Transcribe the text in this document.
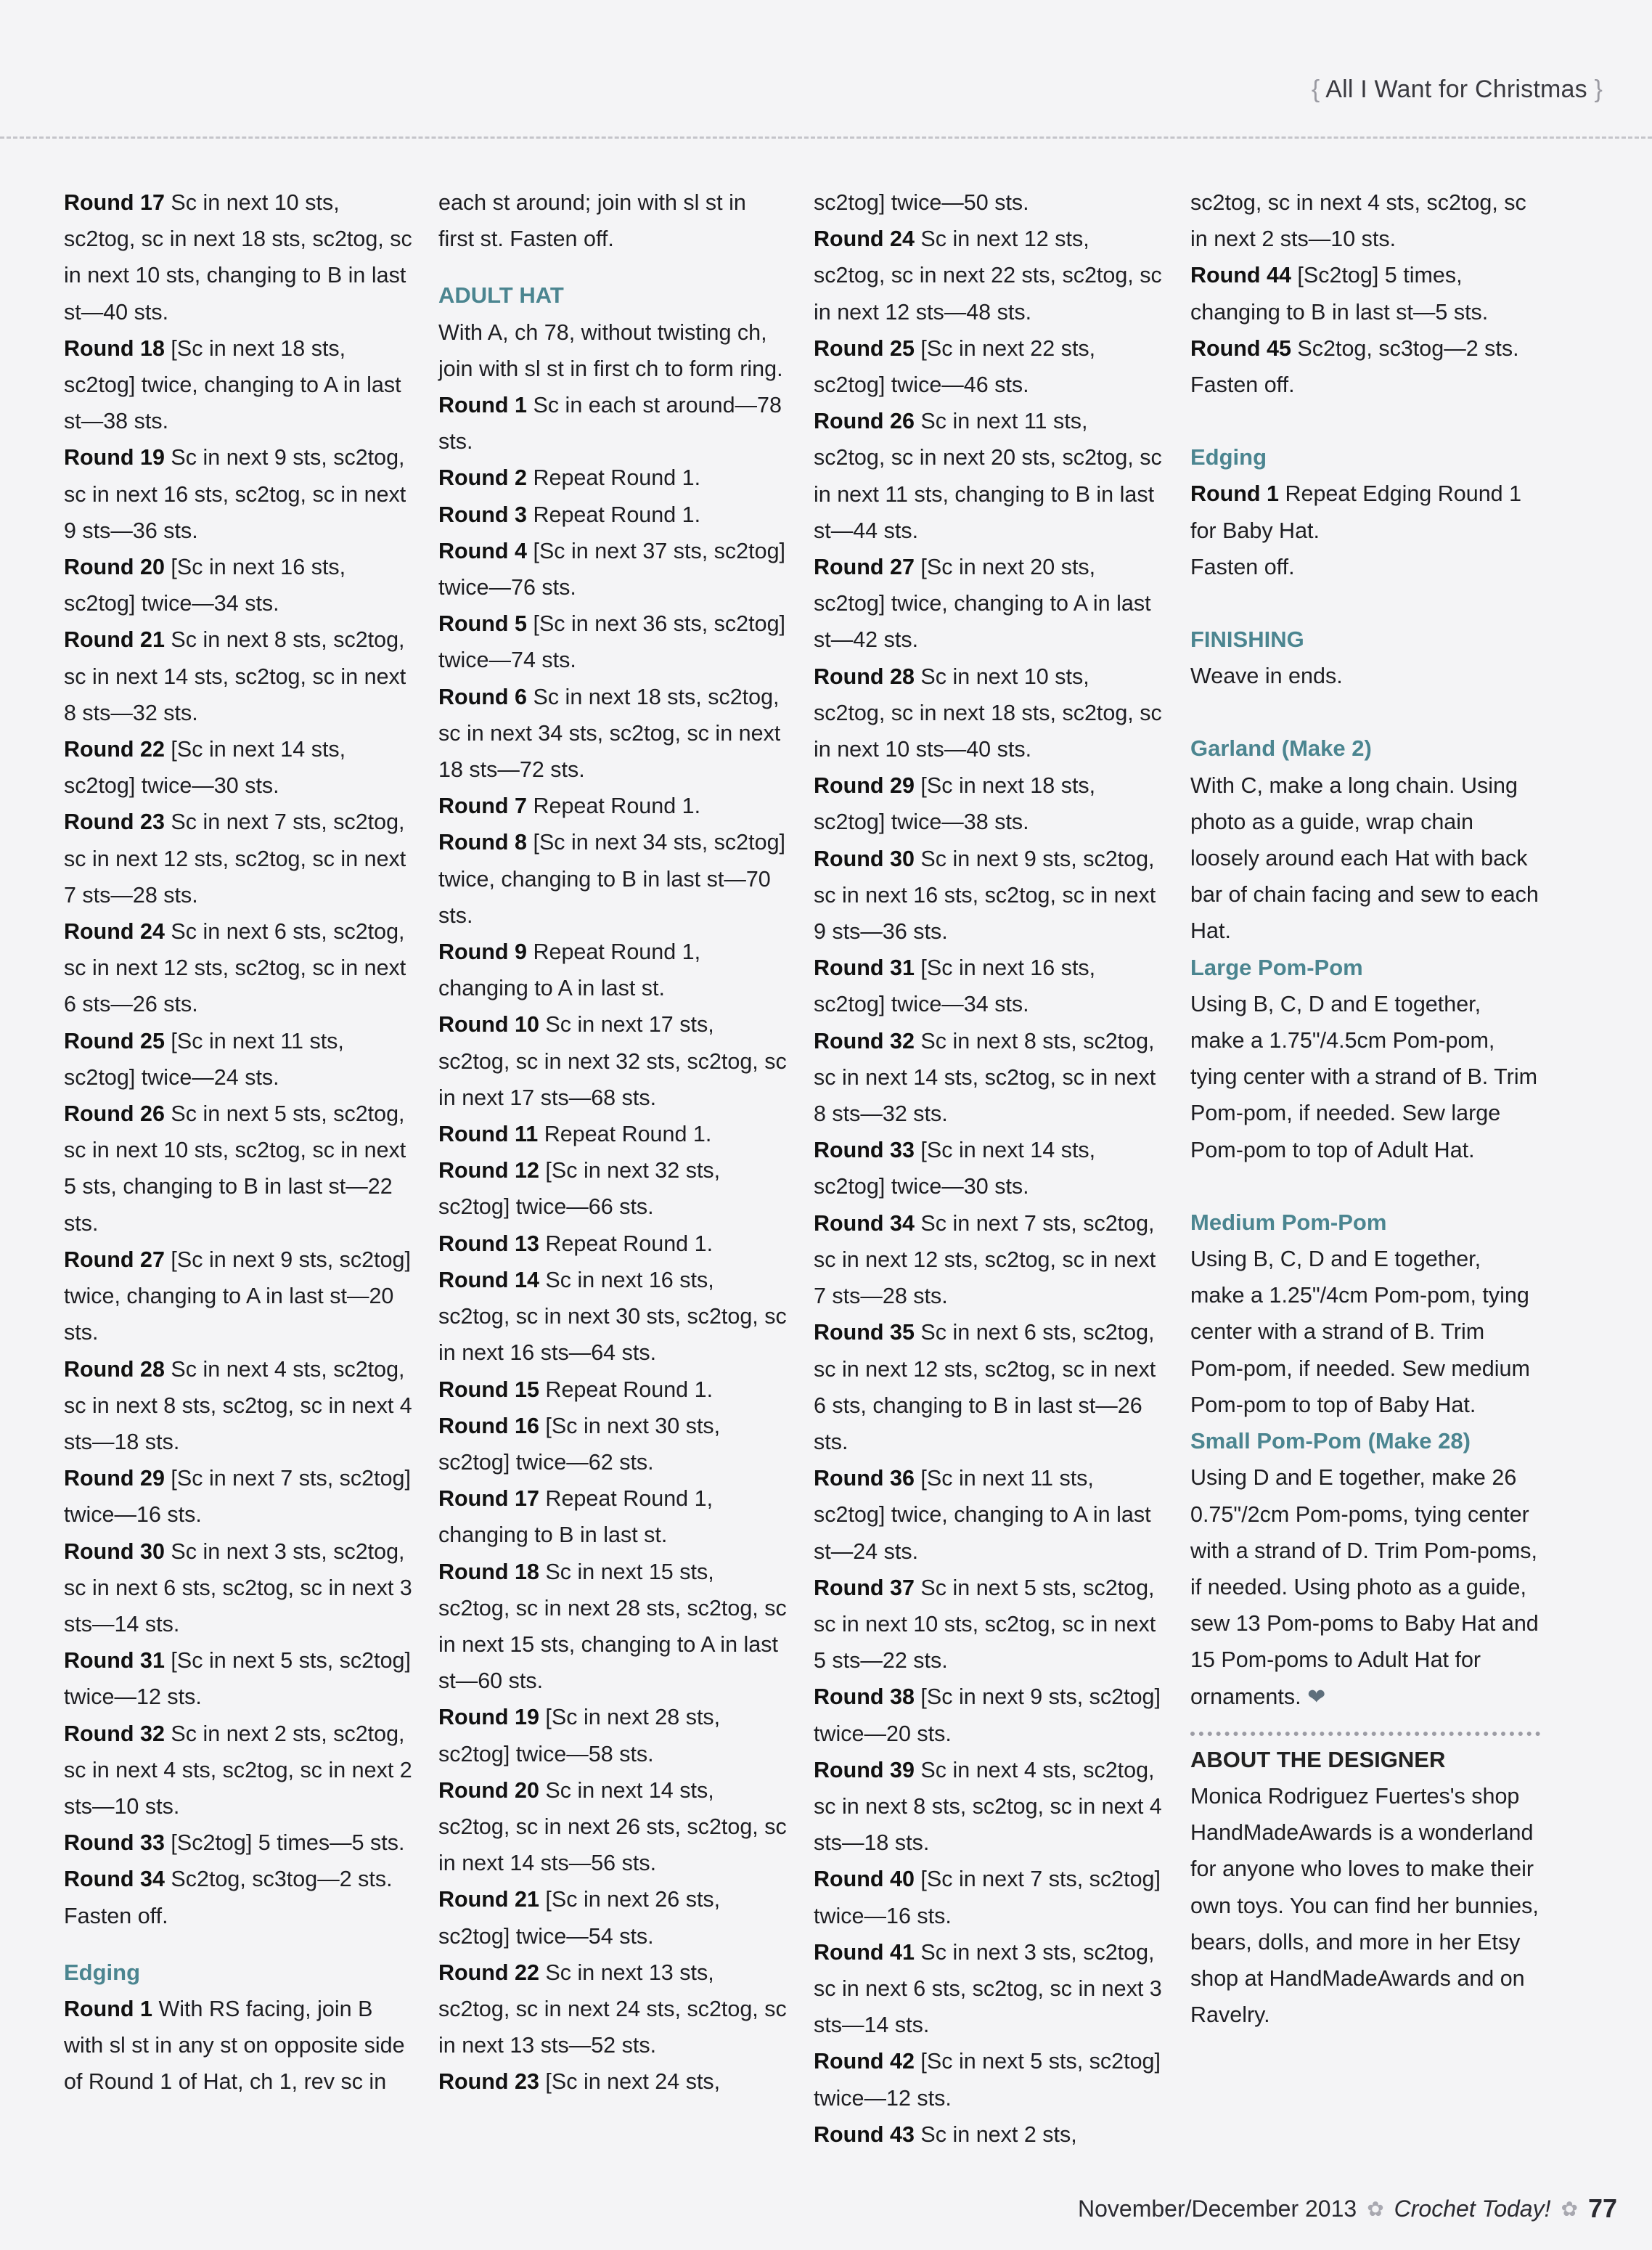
{ All I Want for Christmas }

Round 17 Sc in next 10 sts, sc2tog, sc in next 18 sts, sc2tog, sc in next 10 sts, changing to B in last st—40 sts.

Round 18 [Sc in next 18 sts, sc2tog] twice, changing to A in last st—38 sts.

Round 19 Sc in next 9 sts, sc2tog, sc in next 16 sts, sc2tog, sc in next 9 sts—36 sts.

Round 20 [Sc in next 16 sts, sc2tog] twice—34 sts.

Round 21 Sc in next 8 sts, sc2tog, sc in next 14 sts, sc2tog, sc in next 8 sts—32 sts.

Round 22 [Sc in next 14 sts, sc2tog] twice—30 sts.

Round 23 Sc in next 7 sts, sc2tog, sc in next 12 sts, sc2tog, sc in next 7 sts—28 sts.

Round 24 Sc in next 6 sts, sc2tog, sc in next 12 sts, sc2tog, sc in next 6 sts—26 sts.

Round 25 [Sc in next 11 sts, sc2tog] twice—24 sts.

Round 26 Sc in next 5 sts, sc2tog, sc in next 10 sts, sc2tog, sc in next 5 sts, changing to B in last st—22 sts.

Round 27 [Sc in next 9 sts, sc2tog] twice, changing to A in last st—20 sts.

Round 28 Sc in next 4 sts, sc2tog, sc in next 8 sts, sc2tog, sc in next 4 sts—18 sts.

Round 29 [Sc in next 7 sts, sc2tog] twice—16 sts.

Round 30 Sc in next 3 sts, sc2tog, sc in next 6 sts, sc2tog, sc in next 3 sts—14 sts.

Round 31 [Sc in next 5 sts, sc2tog] twice—12 sts.

Round 32 Sc in next 2 sts, sc2tog, sc in next 4 sts, sc2tog, sc in next 2 sts—10 sts.

Round 33 [Sc2tog] 5 times—5 sts.

Round 34 Sc2tog, sc3tog—2 sts. Fasten off.

Edging

Round 1 With RS facing, join B with sl st in any st on opposite side of Round 1 of Hat, ch 1, rev sc in

each st around; join with sl st in first st. Fasten off.

ADULT HAT

With A, ch 78, without twisting ch, join with sl st in first ch to form ring.

Round 1 Sc in each st around—78 sts.

Round 2 Repeat Round 1.

Round 3 Repeat Round 1.

Round 4 [Sc in next 37 sts, sc2tog] twice—76 sts.

Round 5 [Sc in next 36 sts, sc2tog] twice—74 sts.

Round 6 Sc in next 18 sts, sc2tog, sc in next 34 sts, sc2tog, sc in next 18 sts—72 sts.

Round 7 Repeat Round 1.

Round 8 [Sc in next 34 sts, sc2tog] twice, changing to B in last st—70 sts.

Round 9 Repeat Round 1, changing to A in last st.

Round 10 Sc in next 17 sts, sc2tog, sc in next 32 sts, sc2tog, sc in next 17 sts—68 sts.

Round 11 Repeat Round 1.

Round 12 [Sc in next 32 sts, sc2tog] twice—66 sts.

Round 13 Repeat Round 1.

Round 14 Sc in next 16 sts, sc2tog, sc in next 30 sts, sc2tog, sc in next 16 sts—64 sts.

Round 15 Repeat Round 1.

Round 16 [Sc in next 30 sts, sc2tog] twice—62 sts.

Round 17 Repeat Round 1, changing to B in last st.

Round 18 Sc in next 15 sts, sc2tog, sc in next 28 sts, sc2tog, sc in next 15 sts, changing to A in last st—60 sts.

Round 19 [Sc in next 28 sts, sc2tog] twice—58 sts.

Round 20 Sc in next 14 sts, sc2tog, sc in next 26 sts, sc2tog, sc in next 14 sts—56 sts.

Round 21 [Sc in next 26 sts, sc2tog] twice—54 sts.

Round 22 Sc in next 13 sts, sc2tog, sc in next 24 sts, sc2tog, sc in next 13 sts—52 sts.

Round 23 [Sc in next 24 sts,

sc2tog] twice—50 sts.

Round 24 Sc in next 12 sts, sc2tog, sc in next 22 sts, sc2tog, sc in next 12 sts—48 sts.

Round 25 [Sc in next 22 sts, sc2tog] twice—46 sts.

Round 26 Sc in next 11 sts, sc2tog, sc in next 20 sts, sc2tog, sc in next 11 sts, changing to B in last st—44 sts.

Round 27 [Sc in next 20 sts, sc2tog] twice, changing to A in last st—42 sts.

Round 28 Sc in next 10 sts, sc2tog, sc in next 18 sts, sc2tog, sc in next 10 sts—40 sts.

Round 29 [Sc in next 18 sts, sc2tog] twice—38 sts.

Round 30 Sc in next 9 sts, sc2tog, sc in next 16 sts, sc2tog, sc in next 9 sts—36 sts.

Round 31 [Sc in next 16 sts, sc2tog] twice—34 sts.

Round 32 Sc in next 8 sts, sc2tog, sc in next 14 sts, sc2tog, sc in next 8 sts—32 sts.

Round 33 [Sc in next 14 sts, sc2tog] twice—30 sts.

Round 34 Sc in next 7 sts, sc2tog, sc in next 12 sts, sc2tog, sc in next 7 sts—28 sts.

Round 35 Sc in next 6 sts, sc2tog, sc in next 12 sts, sc2tog, sc in next 6 sts, changing to B in last st—26 sts.

Round 36 [Sc in next 11 sts, sc2tog] twice, changing to A in last st—24 sts.

Round 37 Sc in next 5 sts, sc2tog, sc in next 10 sts, sc2tog, sc in next 5 sts—22 sts.

Round 38 [Sc in next 9 sts, sc2tog] twice—20 sts.

Round 39 Sc in next 4 sts, sc2tog, sc in next 8 sts, sc2tog, sc in next 4 sts—18 sts.

Round 40 [Sc in next 7 sts, sc2tog] twice—16 sts.

Round 41 Sc in next 3 sts, sc2tog, sc in next 6 sts, sc2tog, sc in next 3 sts—14 sts.

Round 42 [Sc in next 5 sts, sc2tog] twice—12 sts.

Round 43 Sc in next 2 sts,

sc2tog, sc in next 4 sts, sc2tog, sc in next 2 sts—10 sts.

Round 44 [Sc2tog] 5 times, changing to B in last st—5 sts.

Round 45 Sc2tog, sc3tog—2 sts. Fasten off.

Edging

Round 1 Repeat Edging Round 1 for Baby Hat.

Fasten off.

FINISHING

Weave in ends.

Garland (Make 2)

With C, make a long chain. Using photo as a guide, wrap chain loosely around each Hat with back bar of chain facing and sew to each Hat.

Large Pom-Pom

Using B, C, D and E together, make a 1.75"/4.5cm Pom-pom, tying center with a strand of B. Trim Pom-pom, if needed. Sew large Pom-pom to top of Adult Hat.

Medium Pom-Pom

Using B, C, D and E together, make a 1.25"/4cm Pom-pom, tying center with a strand of B. Trim Pom-pom, if needed. Sew medium Pom-pom to top of Baby Hat.

Small Pom-Pom (Make 28)

Using D and E together, make 26 0.75"/2cm Pom-poms, tying center with a strand of D. Trim Pom-poms, if needed. Using photo as a guide, sew 13 Pom-poms to Baby Hat and 15 Pom-poms to Adult Hat for ornaments. ❤

ABOUT THE DESIGNER

Monica Rodriguez Fuertes's shop HandMadeAwards is a wonderland for anyone who loves to make their own toys. You can find her bunnies, bears, dolls, and more in her Etsy shop at HandMadeAwards and on Ravelry.

November/December 2013 ✿ Crochet Today! ✿ 77
